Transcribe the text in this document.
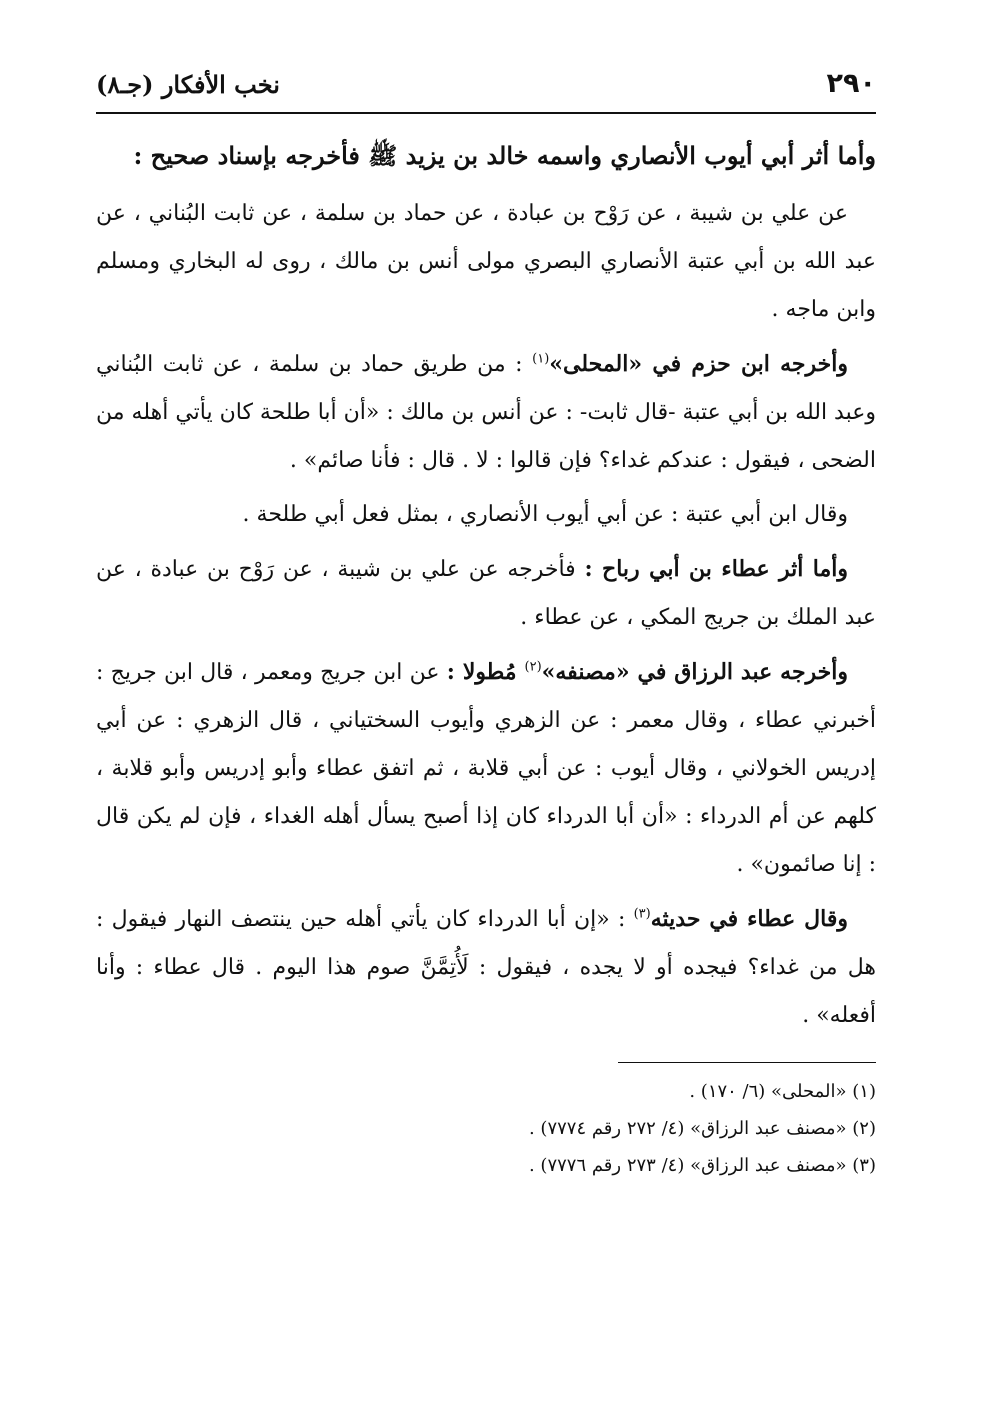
٢٩٠
نخب الأفكار (جـ٨)

وأما أثر أبي أيوب الأنصاري واسمه خالد بن يزيد ﷺ فأخرجه بإسناد صحيح :

عن علي بن شيبة ، عن رَوْح بن عبادة ، عن حماد بن سلمة ، عن ثابت البُناني ، عن عبد الله بن أبي عتبة الأنصاري البصري مولى أنس بن مالك ، روى له البخاري ومسلم وابن ماجه .

وأخرجه ابن حزم في «المحلى»$^{(١)}$ : من طريق حماد بن سلمة ، عن ثابت البُناني وعبد الله بن أبي عتبة -قال ثابت- : عن أنس بن مالك : «أن أبا طلحة كان يأتي أهله من الضحى ، فيقول : عندكم غداء؟ فإن قالوا : لا . قال : فأنا صائم» .

وقال ابن أبي عتبة : عن أبي أيوب الأنصاري ، بمثل فعل أبي طلحة .

وأما أثر عطاء بن أبي رباح : فأخرجه عن علي بن شيبة ، عن رَوْح بن عبادة ، عن عبد الملك بن جريج المكي ، عن عطاء .

وأخرجه عبد الرزاق في «مصنفه»$^{(٢)}$ مُطولا : عن ابن جريج ومعمر ، قال ابن جريج : أخبرني عطاء ، وقال معمر : عن الزهري وأيوب السختياني ، قال الزهري : عن أبي إدريس الخولاني ، وقال أيوب : عن أبي قلابة ، ثم اتفق عطاء وأبو إدريس وأبو قلابة ، كلهم عن أم الدرداء : «أن أبا الدرداء كان إذا أصبح يسأل أهله الغداء ، فإن لم يكن قال : إنا صائمون» .

وقال عطاء في حديثه$^{(٣)}$ : «إن أبا الدرداء كان يأتي أهله حين ينتصف النهار فيقول : هل من غداء؟ فيجده أو لا يجده ، فيقول : لَأُتِمَّنَّ صوم هذا اليوم . قال عطاء : وأنا أفعله» .

(١) «المحلى» (٦/ ١٧٠) .
(٢) «مصنف عبد الرزاق» (٤/ ٢٧٢ رقم ٧٧٧٤) .
(٣) «مصنف عبد الرزاق» (٤/ ٢٧٣ رقم ٧٧٧٦) .
